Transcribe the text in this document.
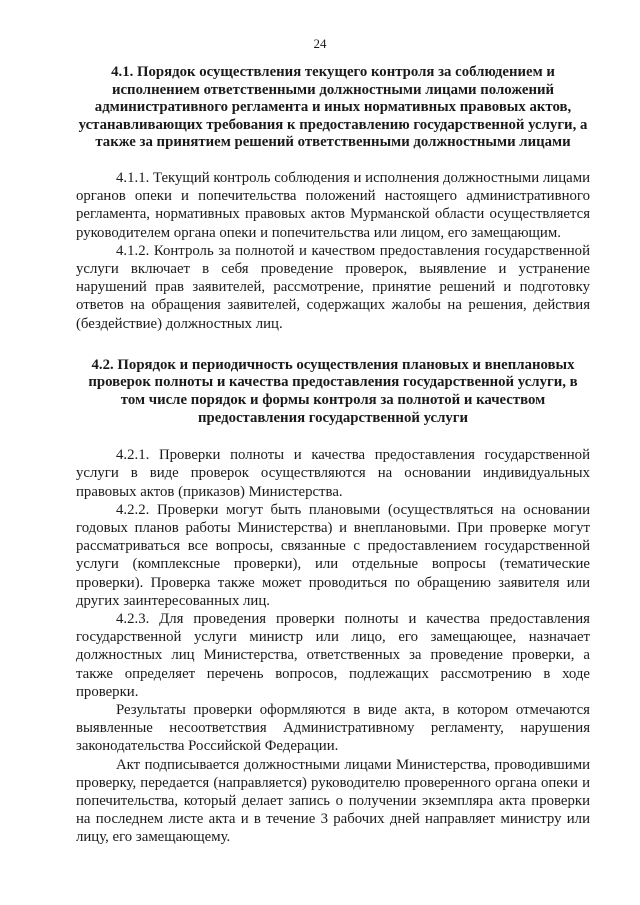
24
4.1. Порядок осуществления текущего контроля за соблюдением и исполнением ответственными должностными лицами положений административного регламента и иных нормативных правовых актов, устанавливающих требования к предоставлению государственной услуги, а также за принятием решений ответственными должностными лицами

4.1.1. Текущий контроль соблюдения и исполнения должностными лицами органов опеки и попечительства положений настоящего административного регламента, нормативных правовых актов Мурманской области осуществляется руководителем органа опеки и попечительства или лицом, его замещающим.

4.1.2. Контроль за полнотой и качеством предоставления государственной услуги включает в себя проведение проверок, выявление и устранение нарушений прав заявителей, рассмотрение, принятие решений и подготовку ответов на обращения заявителей, содержащих жалобы на решения, действия (бездействие) должностных лиц.

4.2. Порядок и периодичность осуществления плановых и внеплановых проверок полноты и качества предоставления государственной услуги, в том числе порядок и формы контроля за полнотой и качеством предоставления государственной услуги

4.2.1. Проверки полноты и качества предоставления государственной услуги в виде проверок осуществляются на основании индивидуальных правовых актов (приказов) Министерства.

4.2.2. Проверки могут быть плановыми (осуществляться на основании годовых планов работы Министерства) и внеплановыми. При проверке могут рассматриваться все вопросы, связанные с предоставлением государственной услуги (комплексные проверки), или отдельные вопросы (тематические проверки). Проверка также может проводиться по обращению заявителя или других заинтересованных лиц.

4.2.3. Для проведения проверки полноты и качества предоставления государственной услуги министр или лицо, его замещающее, назначает должностных лиц Министерства, ответственных за проведение проверки, а также определяет перечень вопросов, подлежащих рассмотрению в ходе проверки.

Результаты проверки оформляются в виде акта, в котором отмечаются выявленные несоответствия Административному регламенту, нарушения законодательства Российской Федерации.

Акт подписывается должностными лицами Министерства, проводившими проверку, передается (направляется) руководителю проверенного органа опеки и попечительства, который делает запись о получении экземпляра акта проверки на последнем листе акта и в течение 3 рабочих дней направляет министру или лицу, его замещающему.
